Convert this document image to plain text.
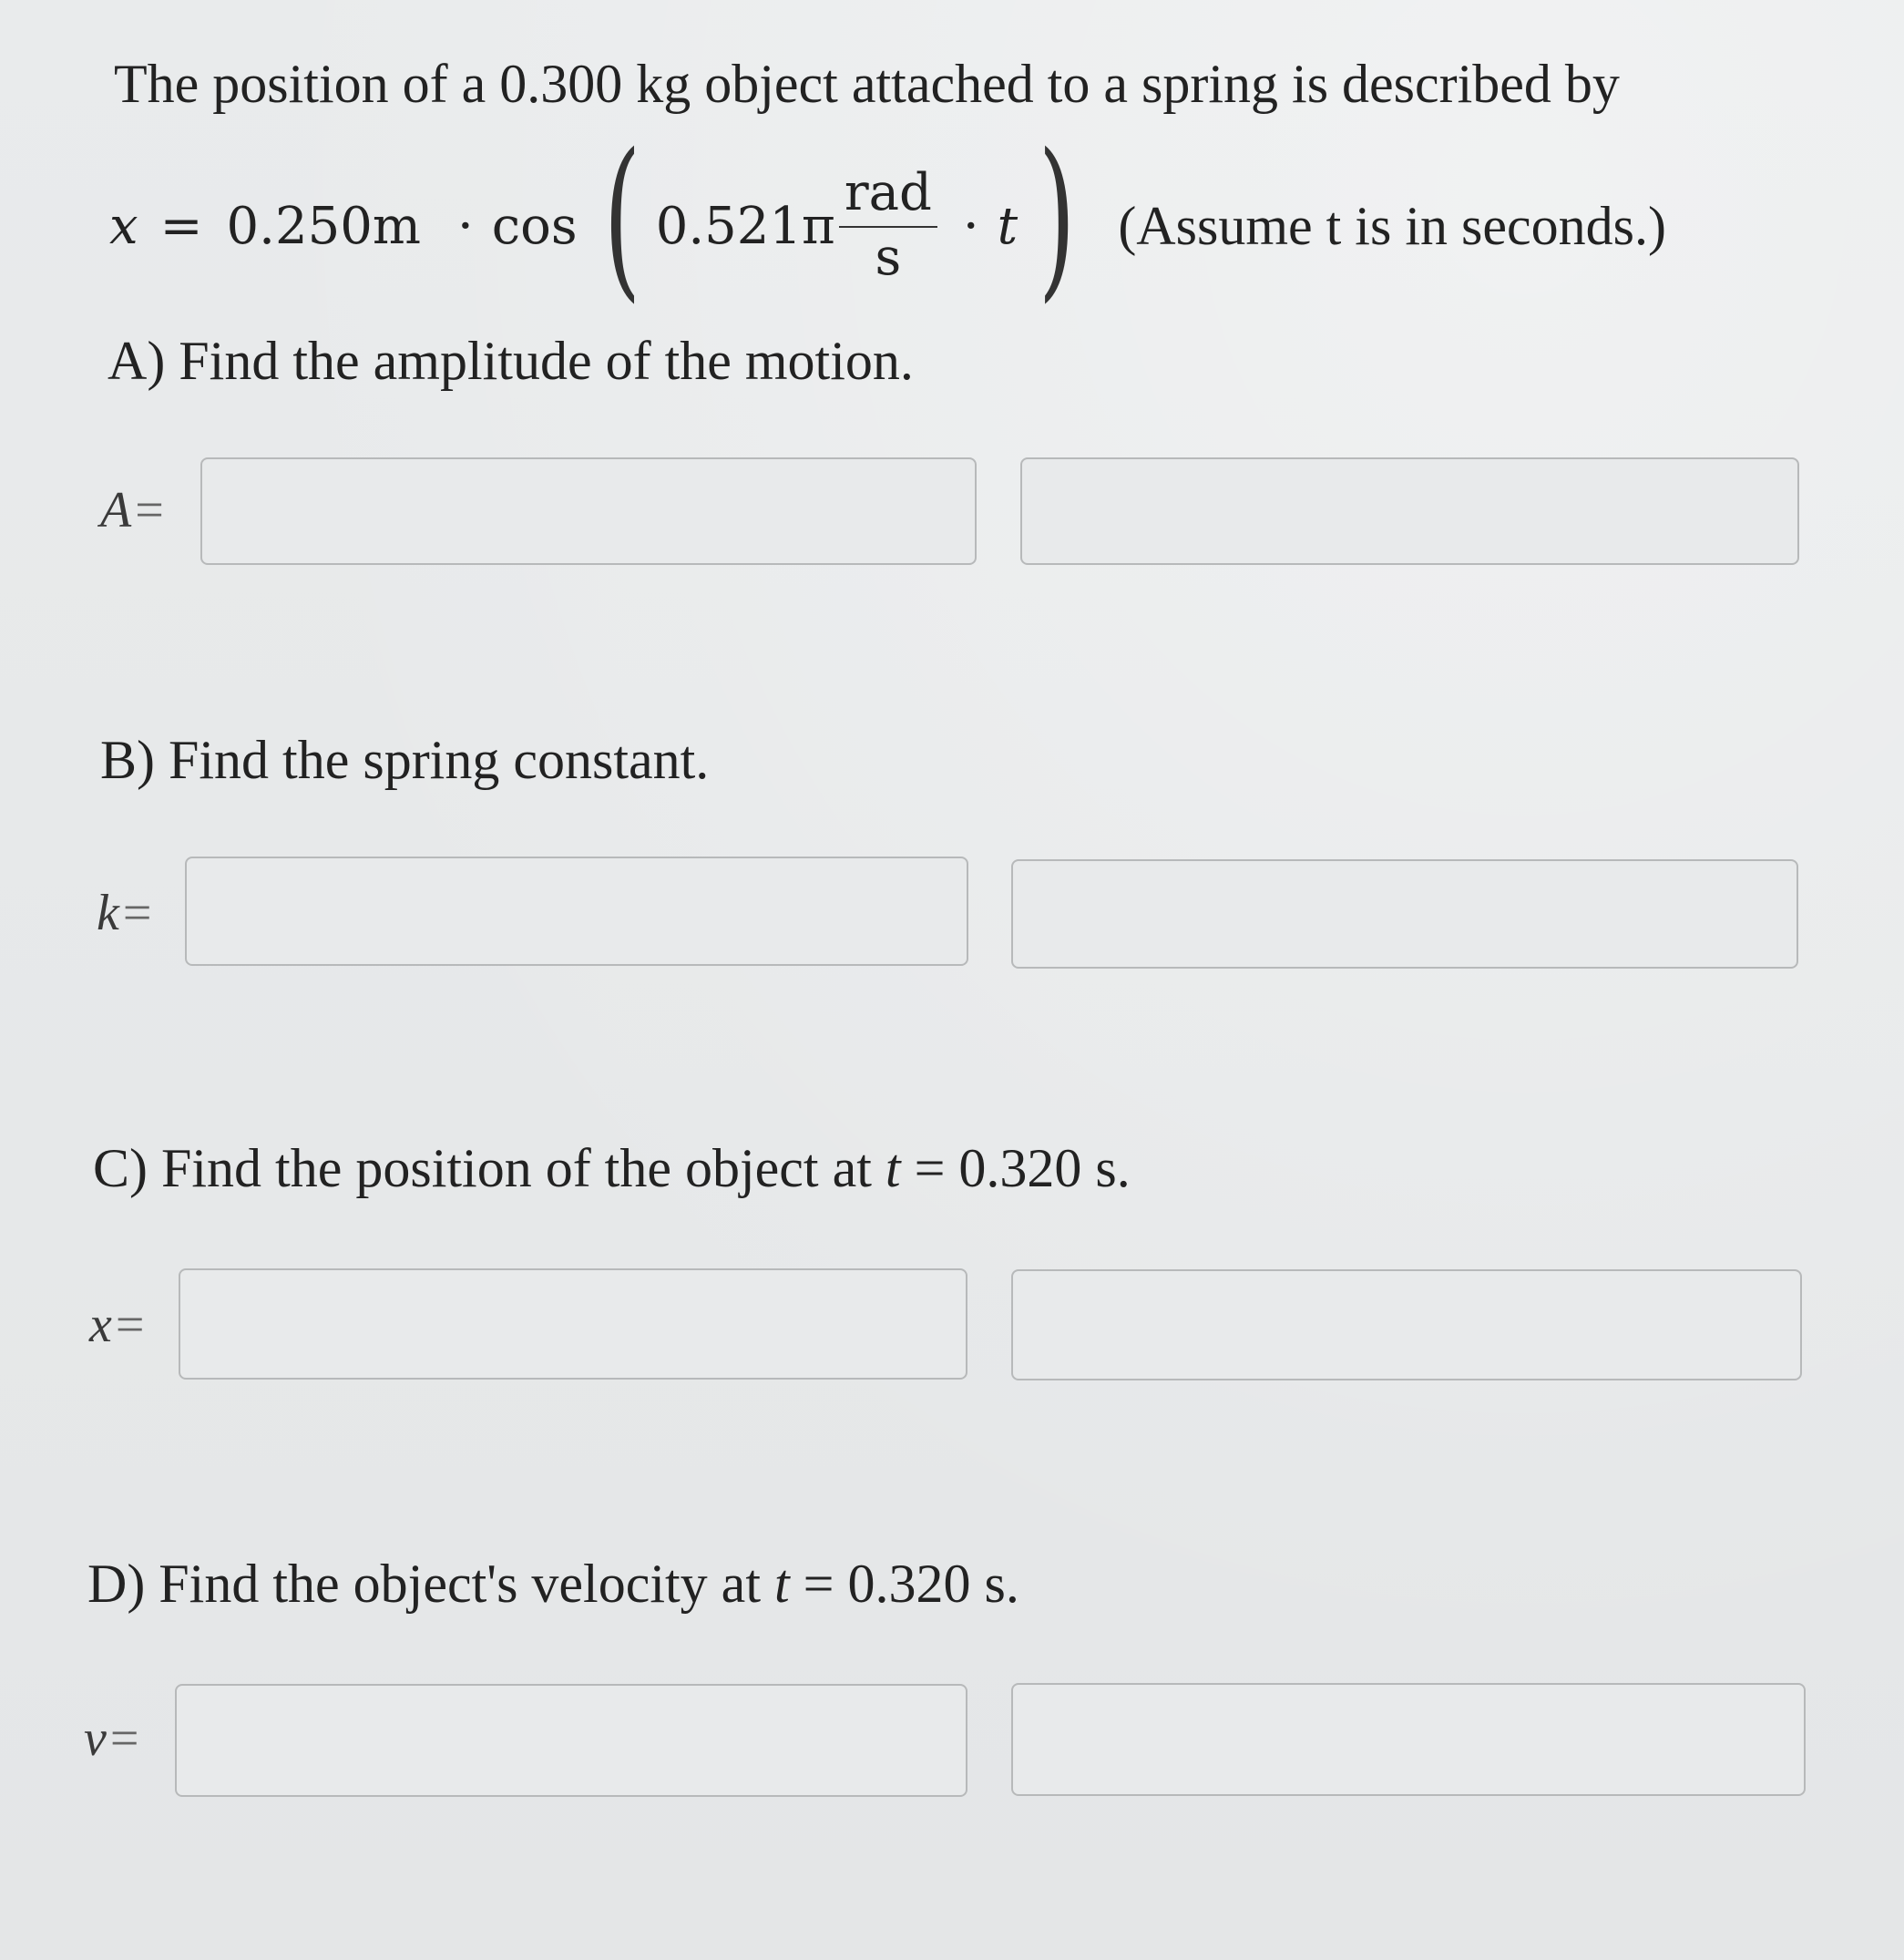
The position of a 0.300 kg object attached to a spring is described by
x = 0.250m · cos ( $0.521\pi \frac{\text{rad}}{s} \cdot t$ ) (Assume t is in seconds.)
A) Find the amplitude of the motion.
A=
B) Find the spring constant.
k=
C) Find the position of the object at t = 0.320 s.
x=
D) Find the object's velocity at t = 0.320 s.
v=
